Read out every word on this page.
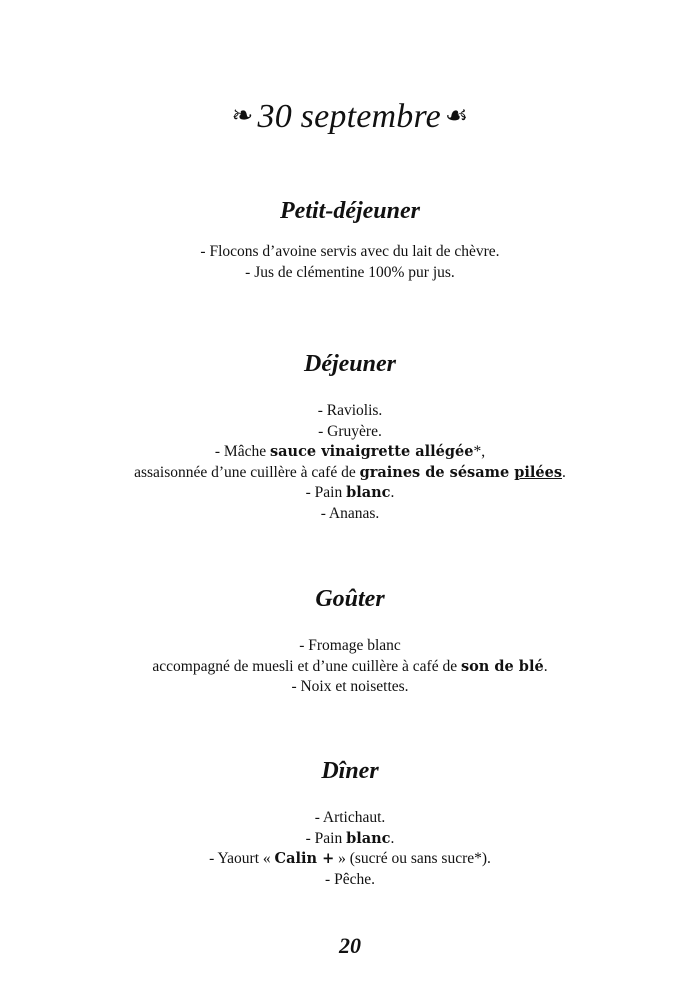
❧ 30 septembre ☙
Petit-déjeuner
- Flocons d’avoine servis avec du lait de chèvre.
- Jus de clémentine 100% pur jus.
Déjeuner
- Raviolis.
- Gruyère.
- Mâche sauce vinaigrette allégée*,
assaisonnée d’une cuillère à café de graines de sésame pilées.
- Pain blanc.
- Ananas.
Goûter
- Fromage blanc
accompagné de muesli et d’une cuillère à café de son de blé.
- Noix et noisettes.
Dîner
- Artichaut.
- Pain blanc.
- Yaourt « Calin + » (sucré ou sans sucre*).
- Pêche.
20
